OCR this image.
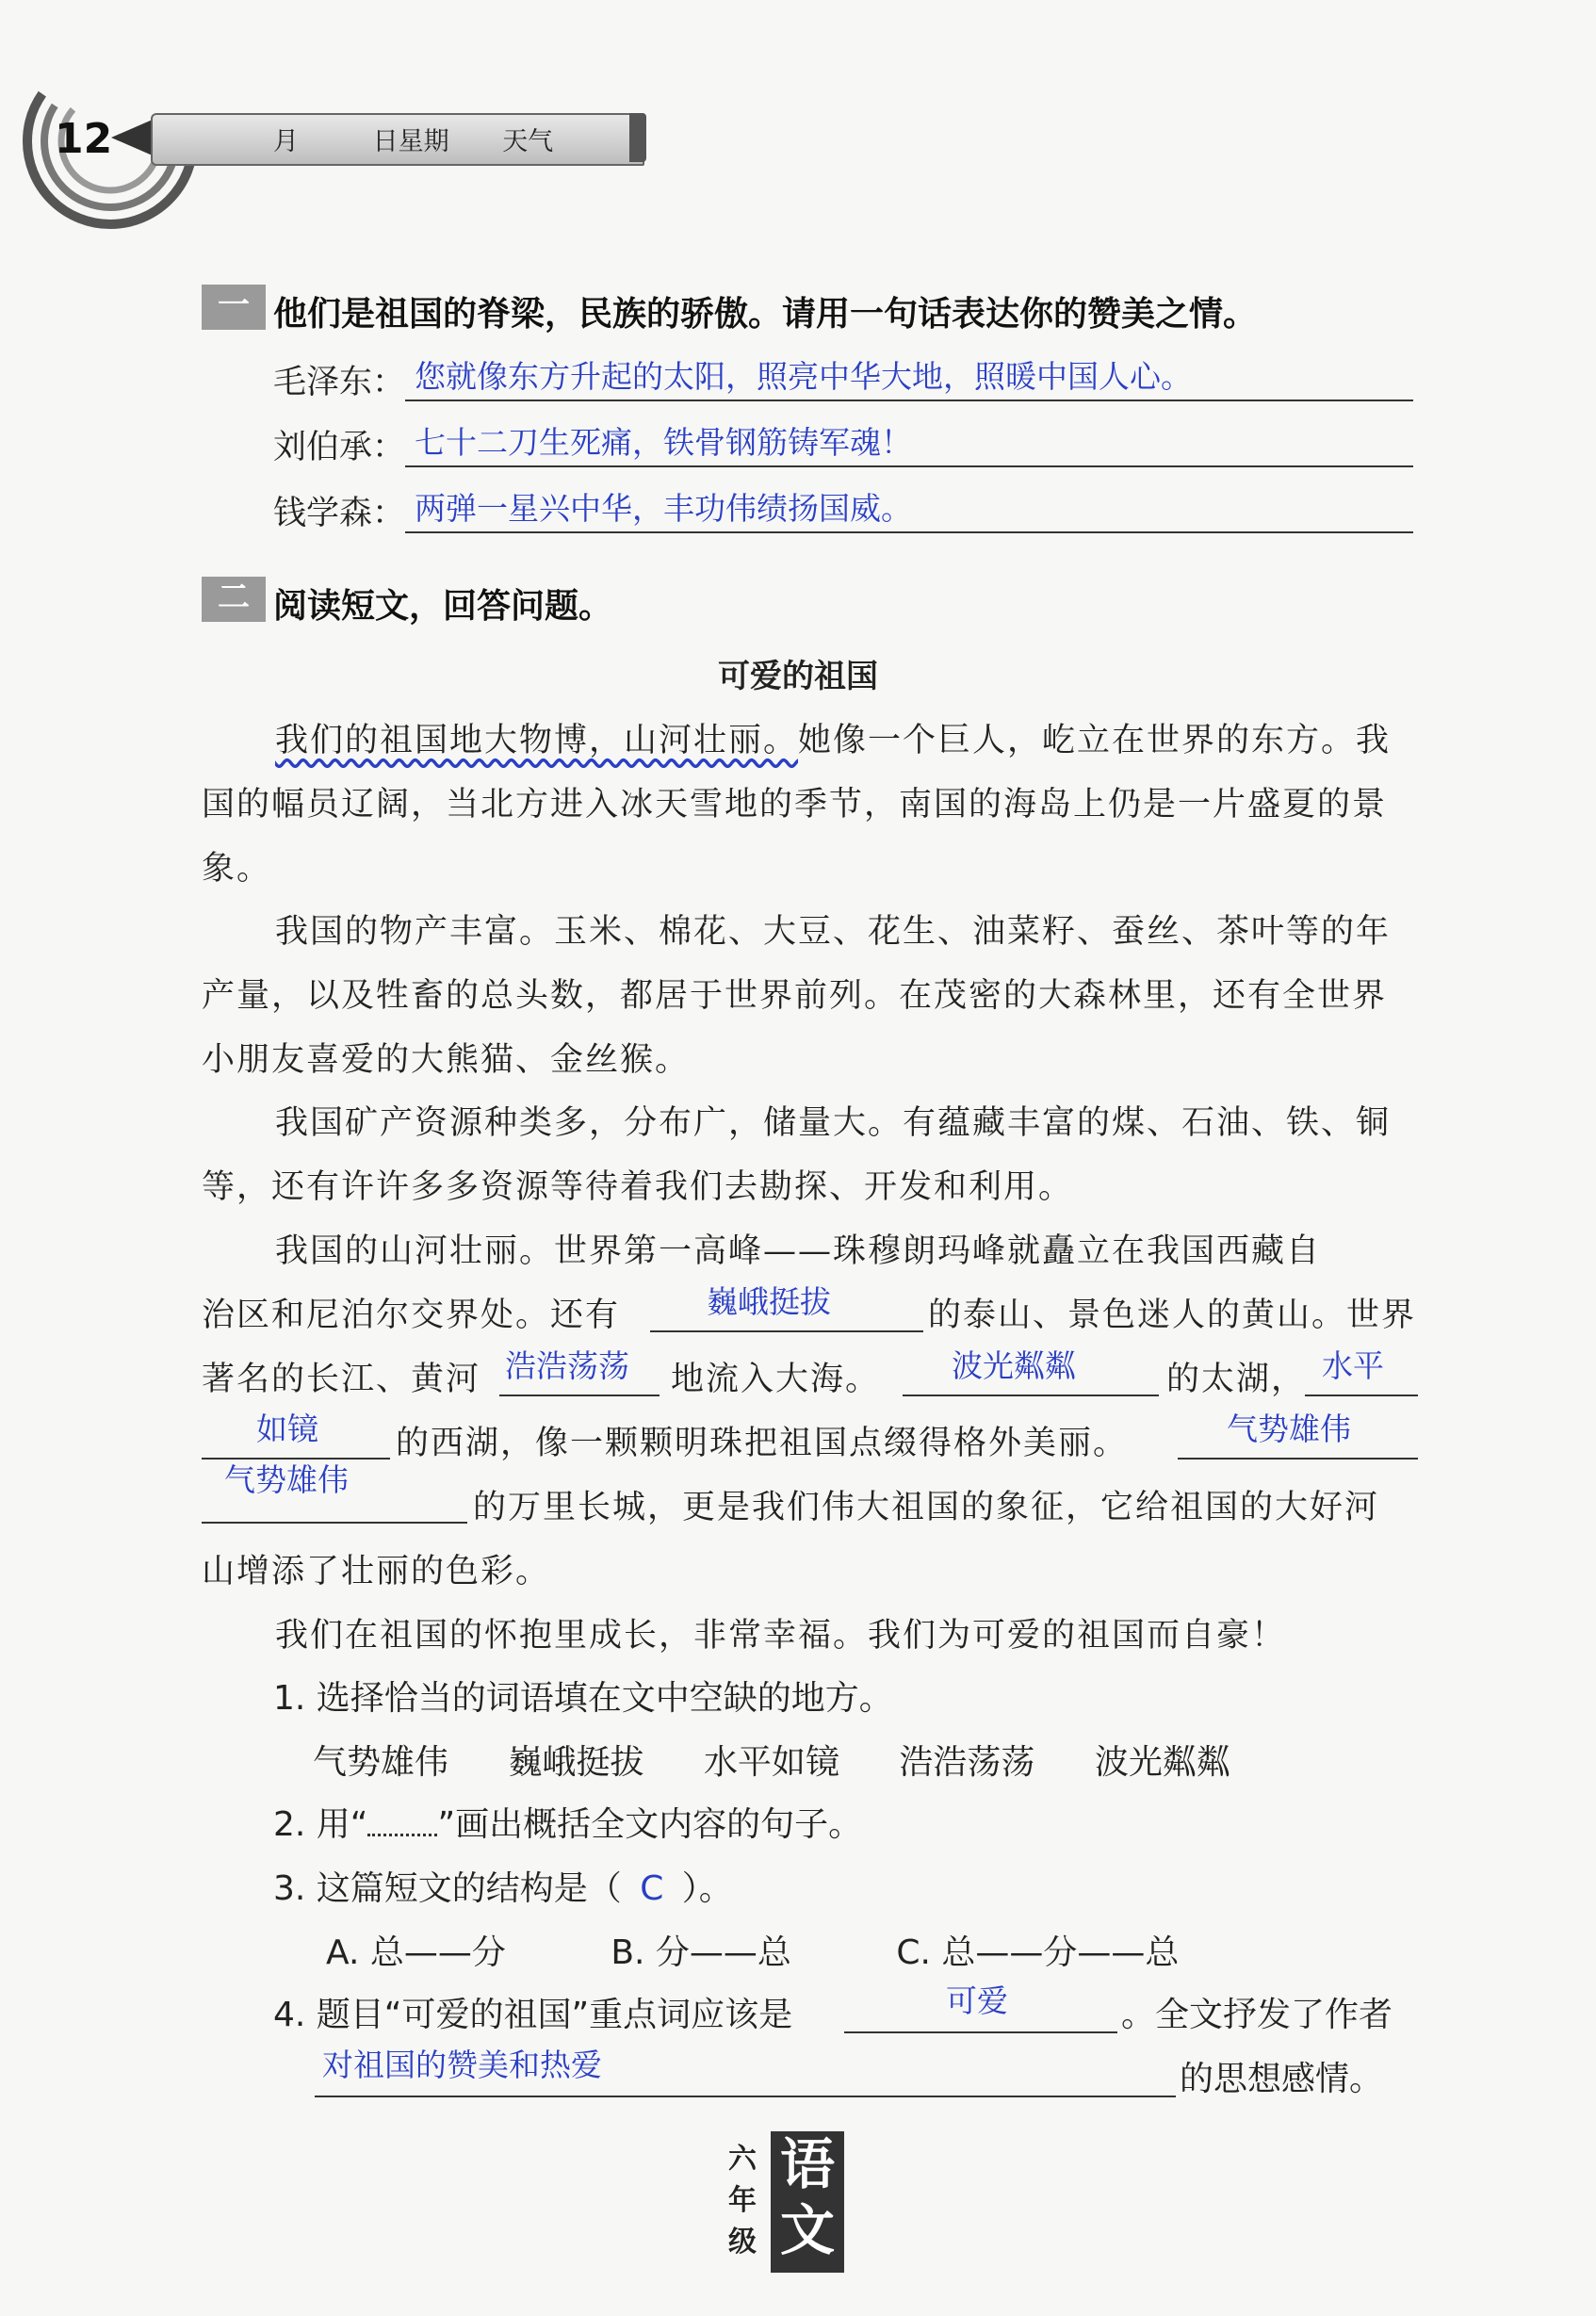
12	月	日星期 天气
一 他们是祖国的脊梁，民族的骄傲。请用一句话表达你的赞美之情。
毛泽东： 您就像东方升起的太阳，照亮中华大地，照暖中国人心。
刘伯承： 七十二刀生死痛，铁骨钢筋铸军魂！
钱学森： 两弹一星兴中华，丰功伟绩扬国威。
二 阅读短文，回答问题。
可爱的祖国
我们的祖国地大物博，山河壮丽。她像一个巨人，屹立在世界的东方。我国的幅员辽阔，当北方进入冰天雪地的季节，南国的海岛上仍是一片盛夏的景象。
我国的物产丰富。玉米、棉花、大豆、花生、油菜籽、蚕丝、茶叶等的年产量，以及牲畜的总头数，都居于世界前列。在茂密的大森林里，还有全世界小朋友喜爱的大熊猫、金丝猴。
我国矿产资源种类多，分布广，储量大。有蕴藏丰富的煤、石油、铁、铜等，还有许许多多资源等待着我们去勘探、开发和利用。
我国的山河壮丽。世界第一高峰——珠穆朗玛峰就矗立在我国西藏自
治区和尼泊尔交界处。还有	巍峨挺拔	的泰山、景色迷人的黄山。世界
著名的长江、黄河 浩浩荡荡 地流入大海。 波光粼粼	的太湖， 水平
如镜 的西湖，像一颗颗明珠把祖国点缀得格外美丽。	气势雄伟
气势雄伟
的万里长城，更是我们伟大祖国的象征，它给祖国的大好河
山增添了壮丽的色彩。
我们在祖国的怀抱里成长，非常幸福。我们为可爱的祖国而自豪！
1. 选择恰当的词语填在文中空缺的地方。
气势雄伟 巍峨挺拔 水平如镜 浩浩荡荡 波光粼粼
2. 用“ ”画出概括全文内容的句子。
3. 这篇短文的结构是（ C ）。
A. 总——分	B. 分——总	C. 总——分——总
4. 题目“可爱的祖国”重点词应该是	可爱	。全文抒发了作者
对祖国的赞美和热爱	的思想感情。
六
年
级
语
文
